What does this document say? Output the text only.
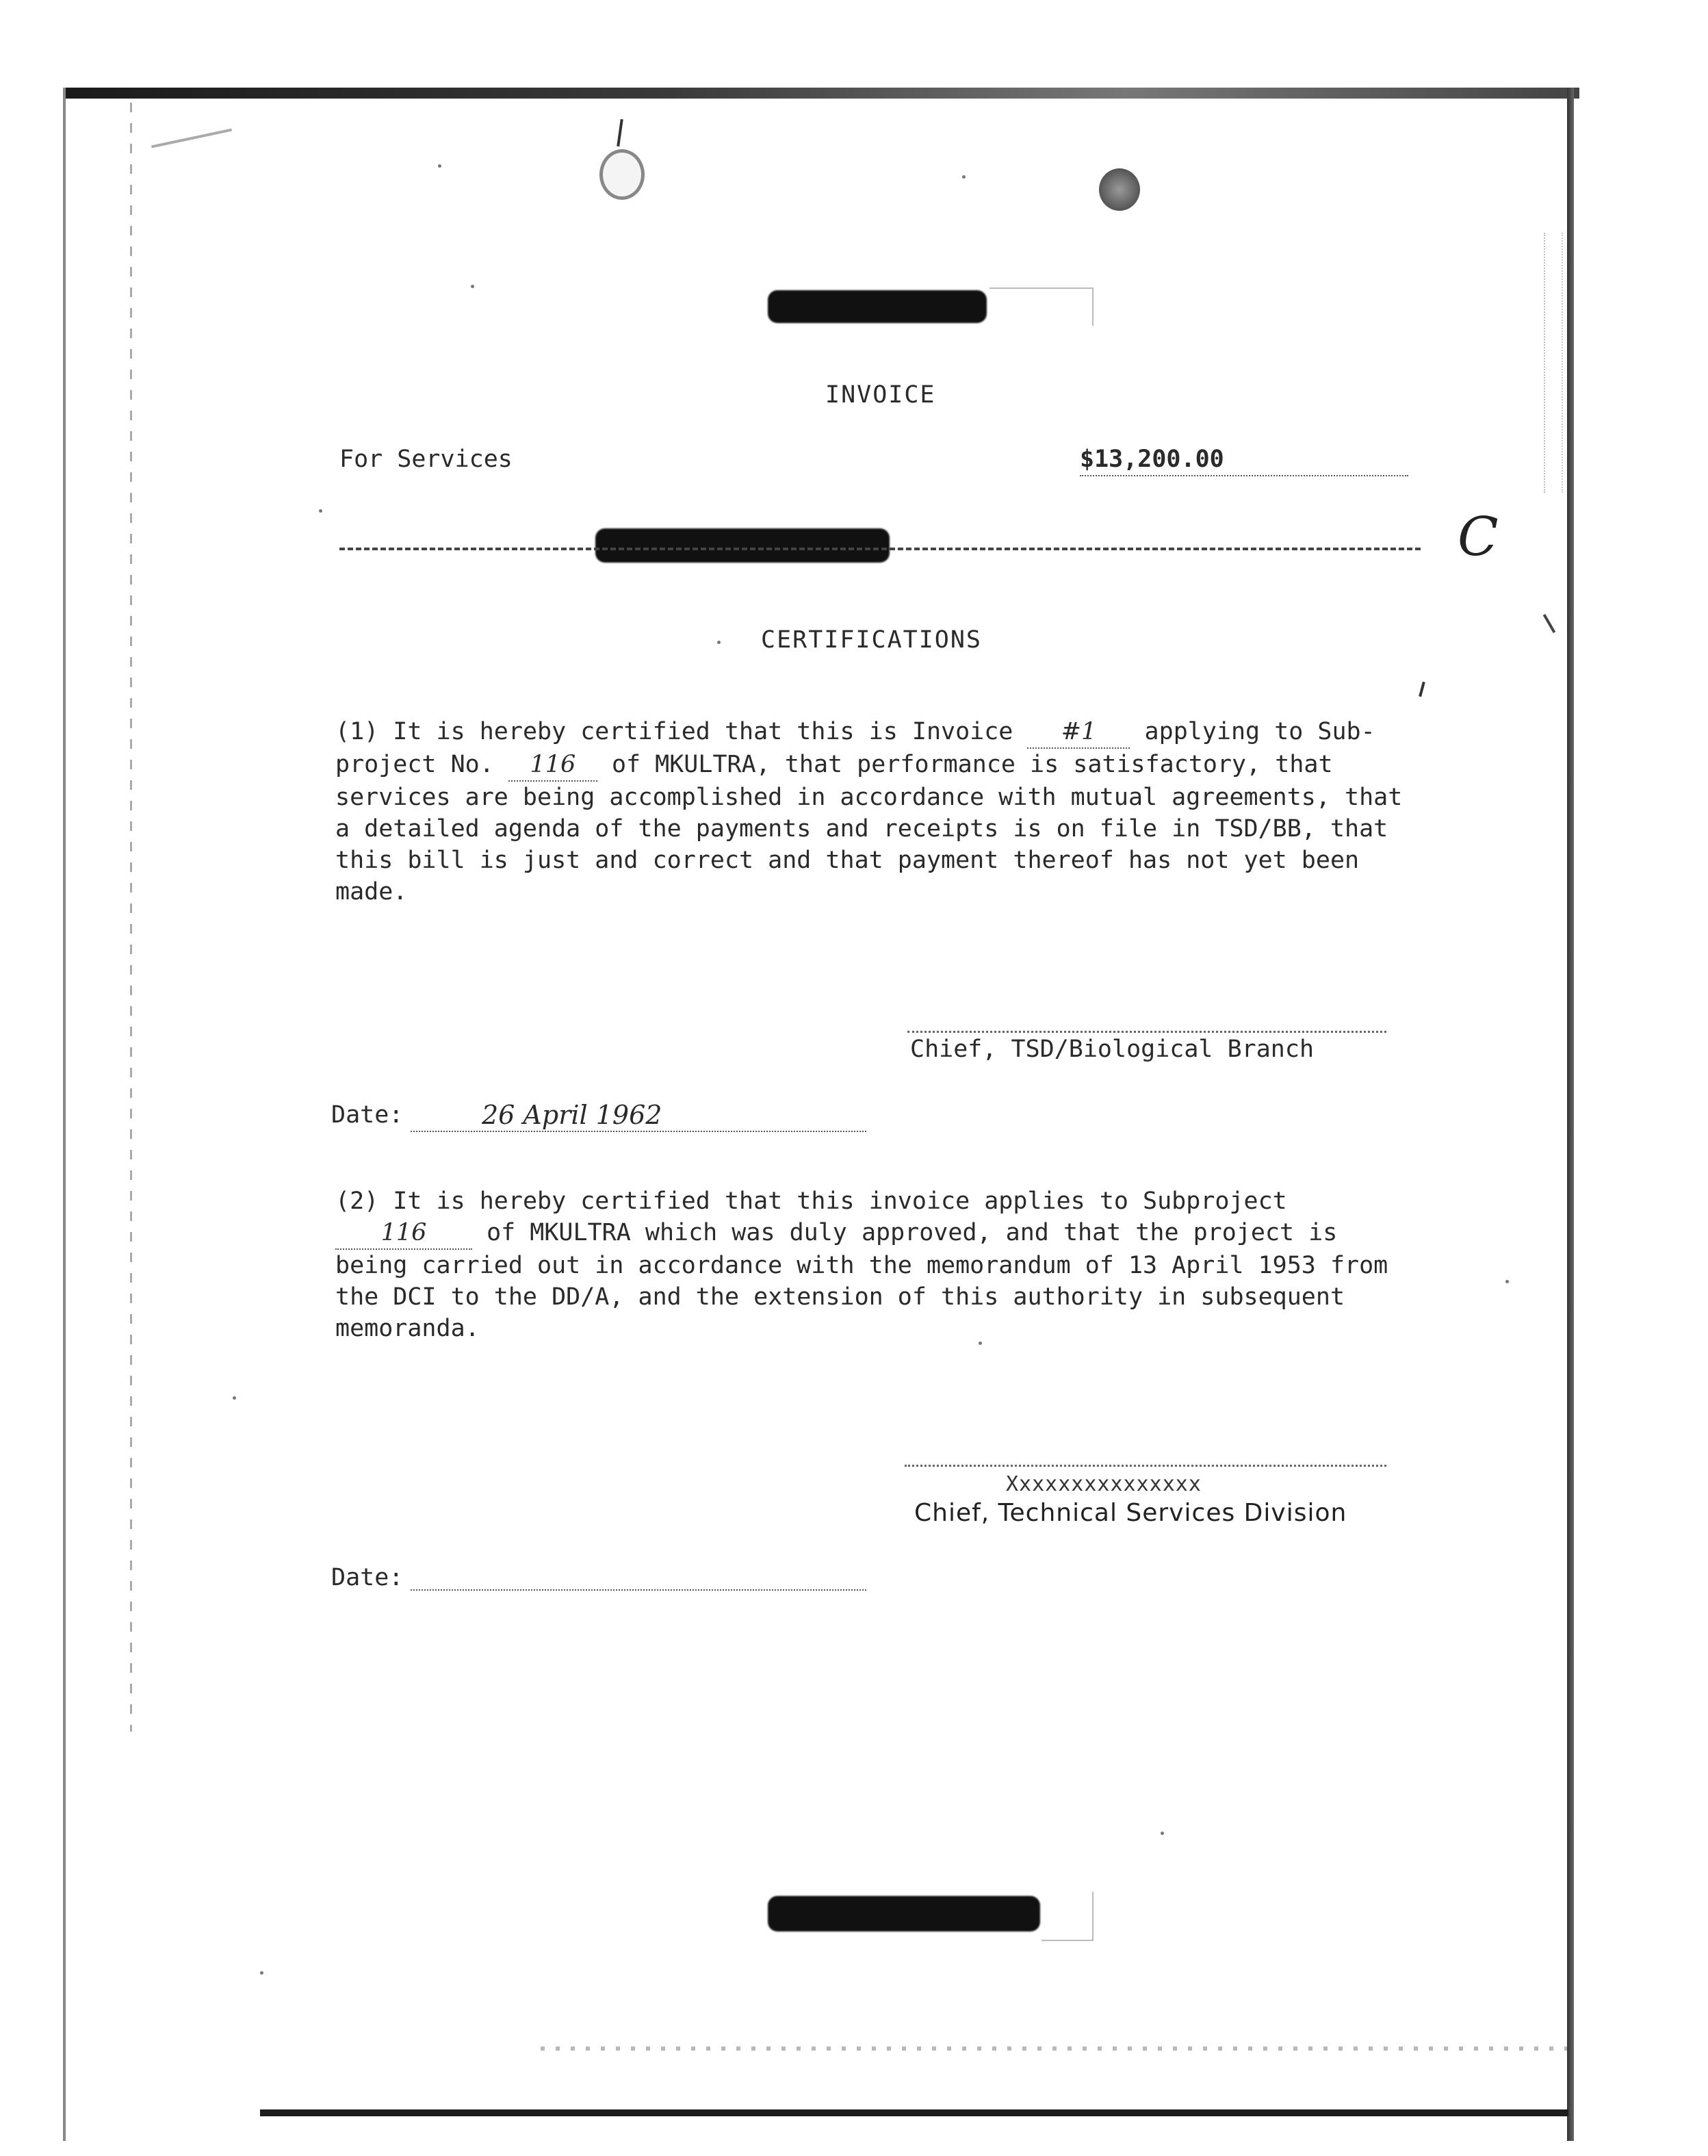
INVOICE
For Services	$13,200.00
C
CERTIFICATIONS
(1) It is hereby certified that this is Invoice #1 applying to Sub-project No. 116 of MKULTRA, that performance is satisfactory, that services are being accomplished in accordance with mutual agreements, that a detailed agenda of the payments and receipts is on file in TSD/BB, that this bill is just and correct and that payment thereof has not yet been made.
Chief, TSD/Biological Branch
Date:	26 April 1962
(2) It is hereby certified that this invoice applies to Subproject 116	of MKULTRA which was duly approved, and that the project is being carried out in accordance with the memorandum of 13 April 1953 from the DCI to the DD/A, and the extension of this authority in subsequent memoranda.
Xxxxxxxxxxxxxxx
Chief, Technical Services Division
Date:
